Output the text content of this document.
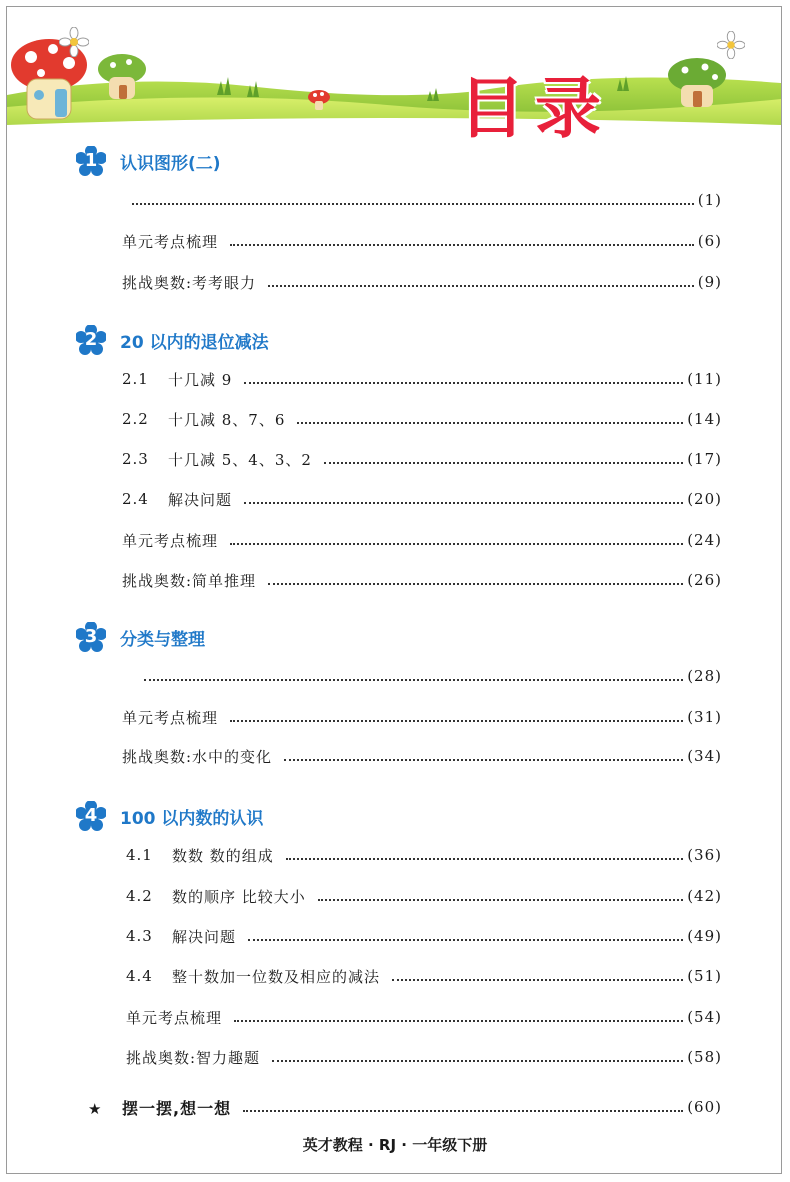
目录
1	认识图形(二)
(1)
单元考点梳理	(6)
挑战奥数:考考眼力	(9)
2	20 以内的退位减法
2.1	十几减 9	(11)
2.2	十几减 8、7、6	(14)
2.3	十几减 5、4、3、2	(17)
2.4	解决问题	(20)
单元考点梳理	(24)
挑战奥数:简单推理	(26)
3	分类与整理
(28)
单元考点梳理	(31)
挑战奥数:水中的变化	(34)
4	100 以内数的认识
4.1	数数 数的组成	(36)
4.2	数的顺序 比较大小	(42)
4.3	解决问题	(49)
4.4	整十数加一位数及相应的减法	(51)
单元考点梳理	(54)
挑战奥数:智力趣题	(58)
★ 摆一摆,想一想	(60)
英才教程 · RJ · 一年级下册
